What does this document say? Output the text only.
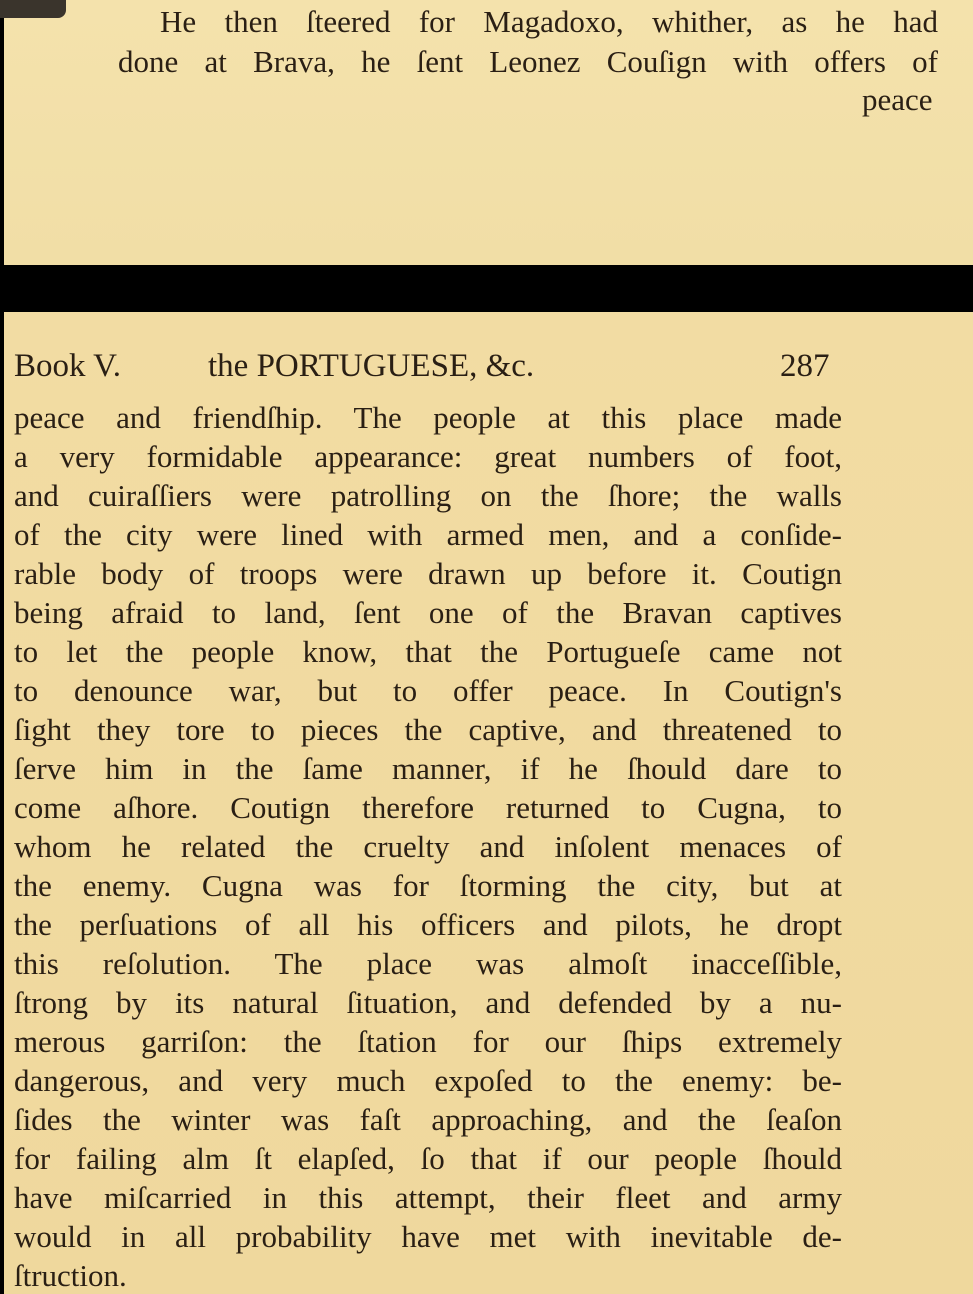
He then ſteered for Magadoxo, whither, as he had
done at Brava, he ſent Leonez Couſign with offers of
peace
Book V.	the PORTUGUESE, &c.	287
peace and friendſhip. The people at this place made
a very formidable appearance: great numbers of foot,
and cuiraſſiers were patrolling on the ſhore; the walls
of the city were lined with armed men, and a conſide-
rable body of troops were drawn up before it. Coutign
being afraid to land, ſent one of the Bravan captives
to let the people know, that the Portugueſe came not
to denounce war, but to offer peace. In Coutign's
ſight they tore to pieces the captive, and threatened to
ſerve him in the ſame manner, if he ſhould dare to
come aſhore. Coutign therefore returned to Cugna, to
whom he related the cruelty and inſolent menaces of
the enemy. Cugna was for ſtorming the city, but at
the perſuations of all his officers and pilots, he dropt
this reſolution. The place was almoſt inacceſſible,
ſtrong by its natural ſituation, and defended by a nu-
merous garriſon: the ſtation for our ſhips extremely
dangerous, and very much expoſed to the enemy: be-
ſides the winter was faſt approaching, and the ſeaſon
for failing alm ſt elapſed, ſo that if our people ſhould
have miſcarried in this attempt, their fleet and army
would in all probability have met with inevitable de-
ſtruction.
